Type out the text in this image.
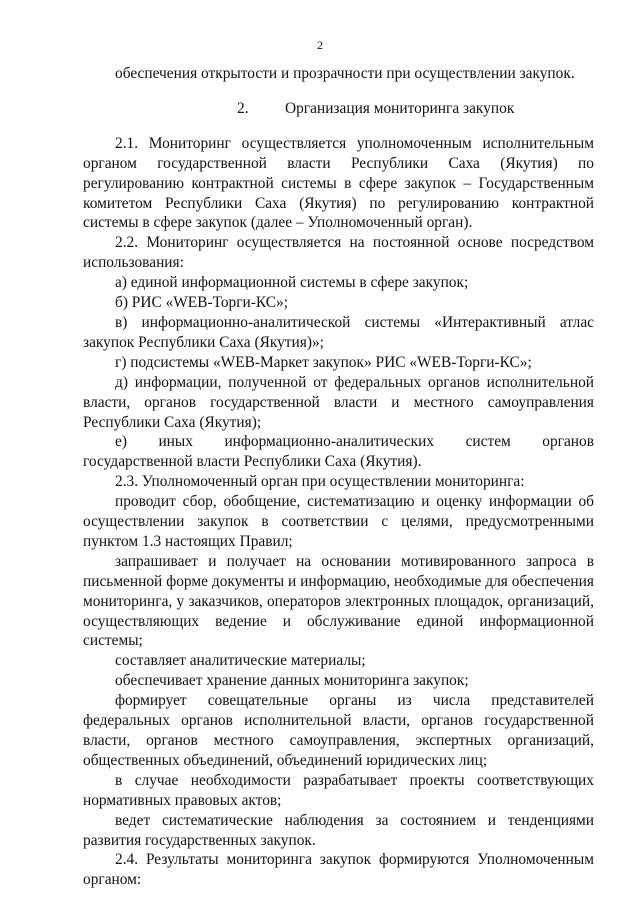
2

обеспечения открытости и прозрачности при осуществлении закупок.

2. Организация мониторинга закупок

2.1. Мониторинг осуществляется уполномоченным исполнительным органом государственной власти Республики Саха (Якутия) по регулированию контрактной системы в сфере закупок – Государственным комитетом Республики Саха (Якутия) по регулированию контрактной системы в сфере закупок (далее – Уполномоченный орган).

2.2. Мониторинг осуществляется на постоянной основе посредством использования:

а) единой информационной системы в сфере закупок;

б) РИС «WEB-Торги-КС»;

в) информационно-аналитической системы «Интерактивный атлас закупок Республики Саха (Якутия)»;

г) подсистемы «WEB-Маркет закупок» РИС «WEB-Торги-КС»;

д) информации, полученной от федеральных органов исполнительной власти, органов государственной власти и местного самоуправления Республики Саха (Якутия);

е) иных информационно-аналитических систем органов государственной власти Республики Саха (Якутия).

2.3. Уполномоченный орган при осуществлении мониторинга:

проводит сбор, обобщение, систематизацию и оценку информации об осуществлении закупок в соответствии с целями, предусмотренными пунктом 1.3 настоящих Правил;

запрашивает и получает на основании мотивированного запроса в письменной форме документы и информацию, необходимые для обеспечения мониторинга, у заказчиков, операторов электронных площадок, организаций, осуществляющих ведение и обслуживание единой информационной системы;

составляет аналитические материалы;

обеспечивает хранение данных мониторинга закупок;

формирует совещательные органы из числа представителей федеральных органов исполнительной власти, органов государственной власти, органов местного самоуправления, экспертных организаций, общественных объединений, объединений юридических лиц;

в случае необходимости разрабатывает проекты соответствующих нормативных правовых актов;

ведет систематические наблюдения за состоянием и тенденциями развития государственных закупок.

2.4. Результаты мониторинга закупок формируются Уполномоченным органом:
